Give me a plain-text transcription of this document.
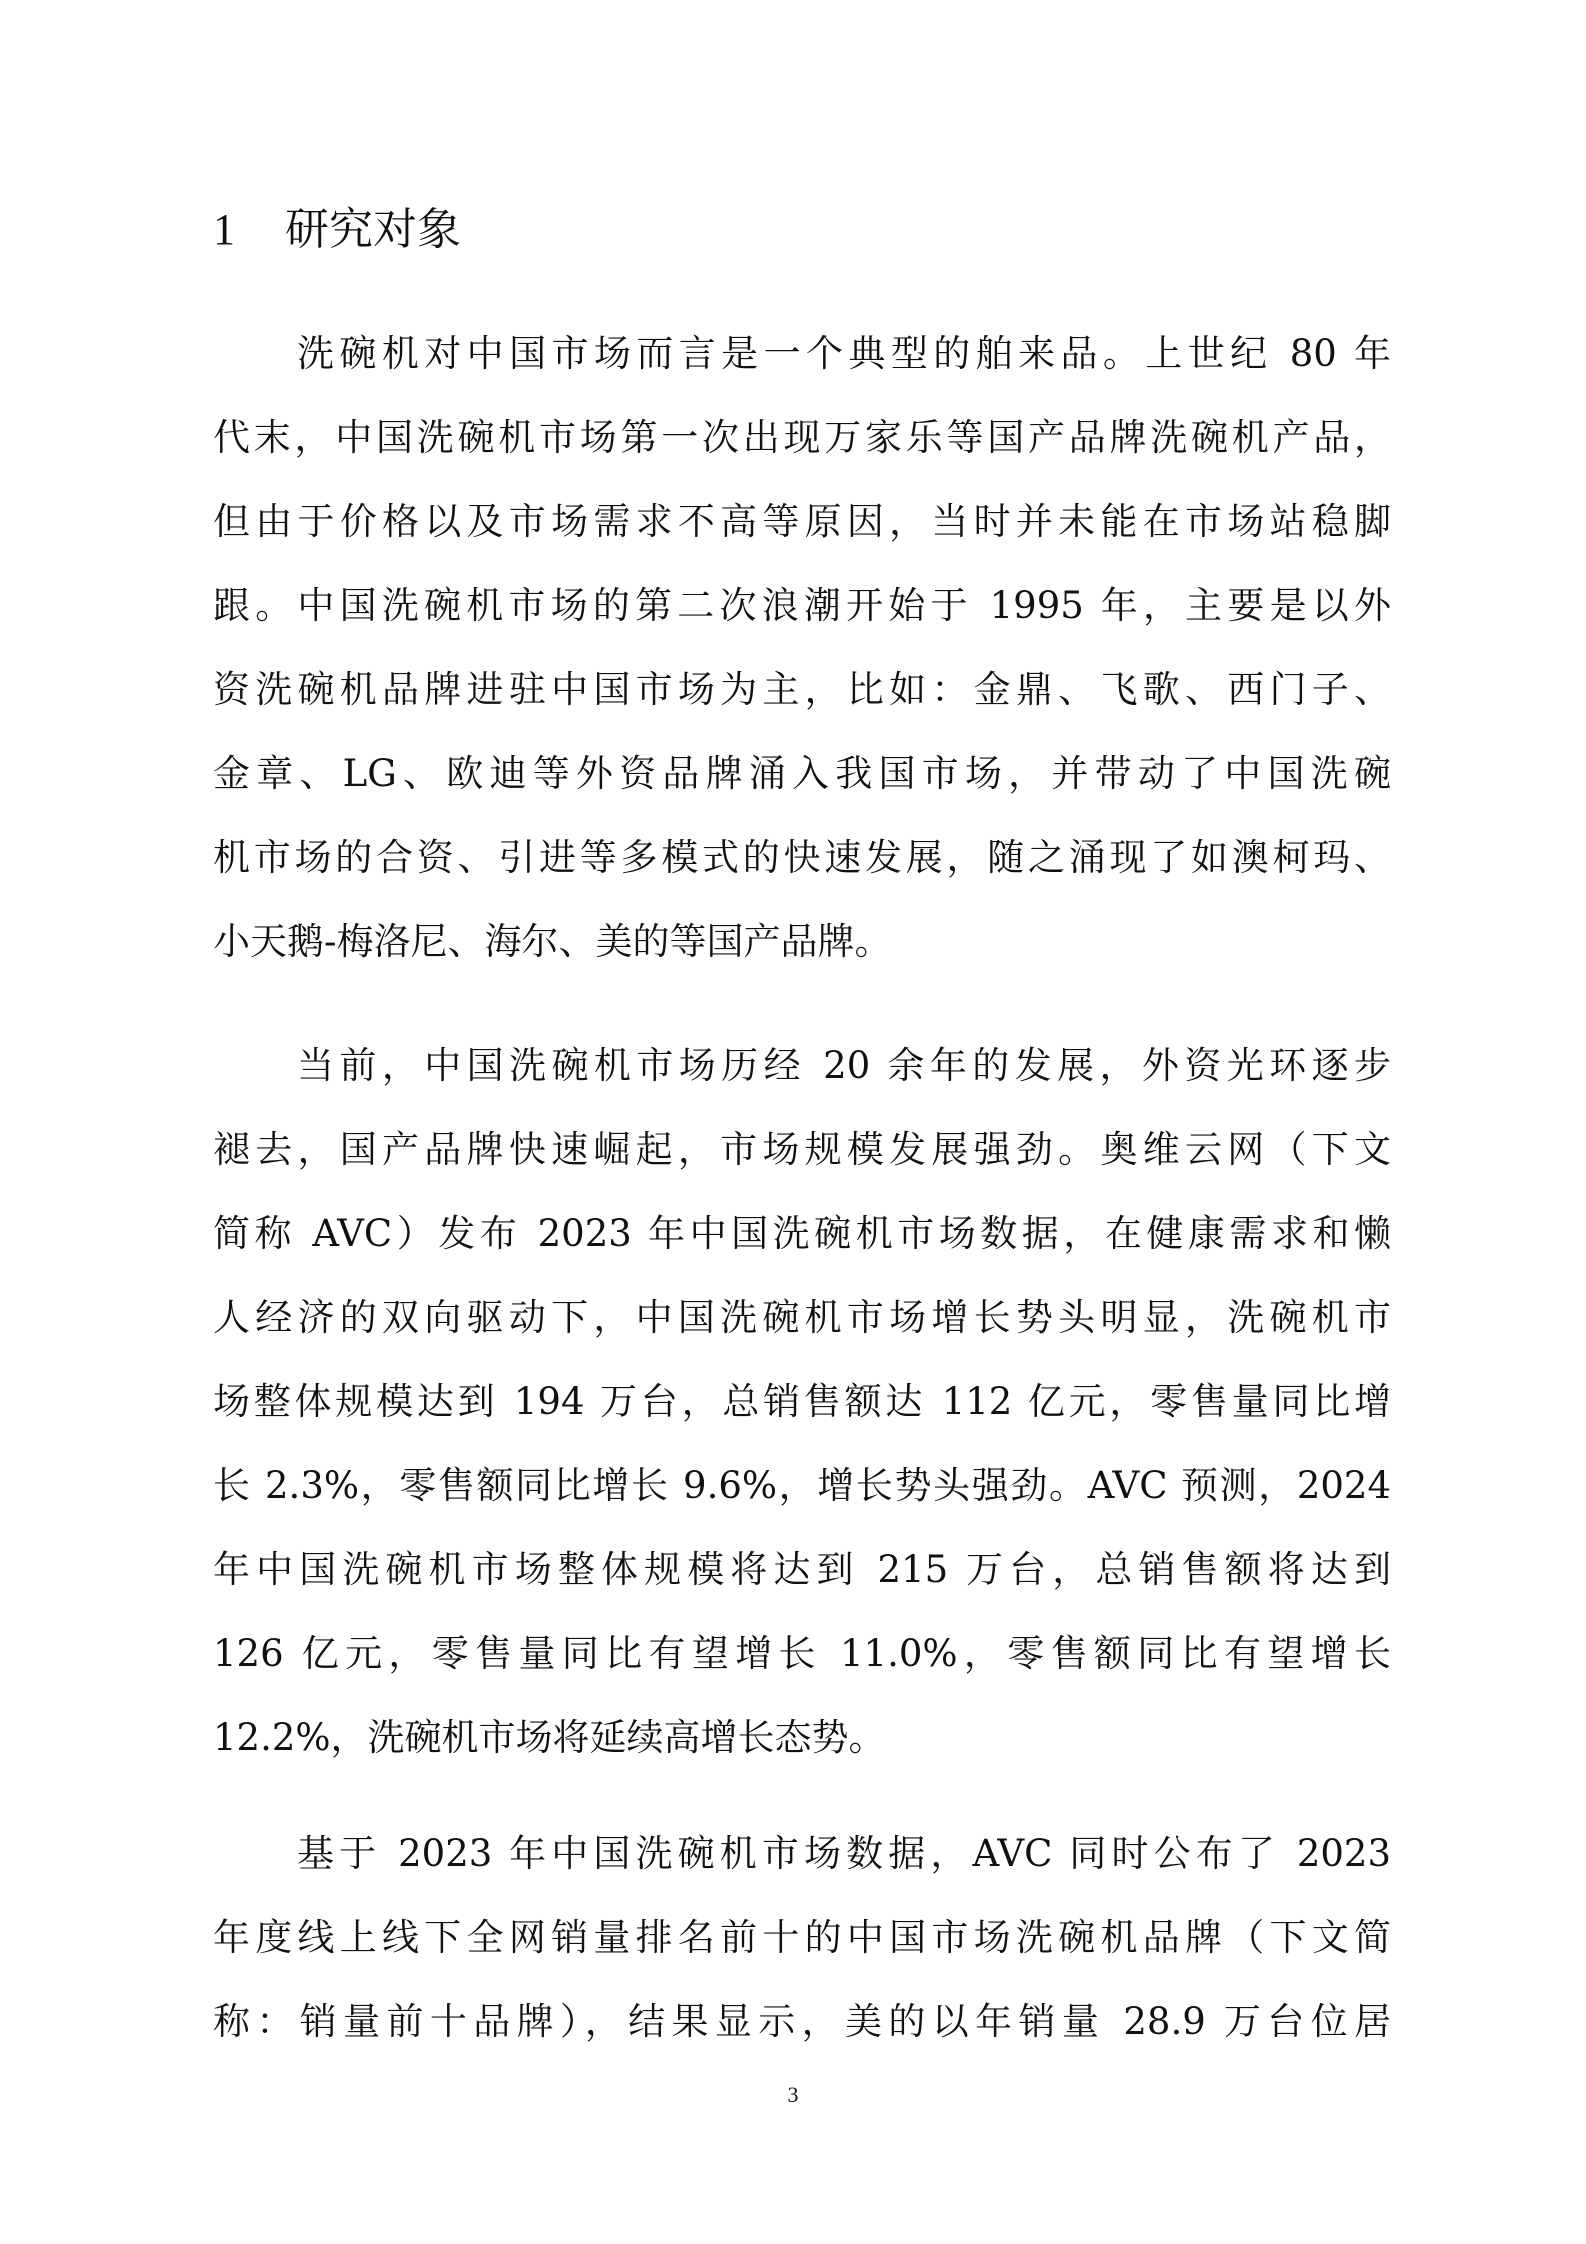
1 研究对象
洗碗机对中国市场而言是一个典型的舶来品。上世纪 80 年
代末，中国洗碗机市场第一次出现万家乐等国产品牌洗碗机产品，
但由于价格以及市场需求不高等原因，当时并未能在市场站稳脚
跟。中国洗碗机市场的第二次浪潮开始于 1995 年，主要是以外
资洗碗机品牌进驻中国市场为主，比如：金鼎、飞歌、西门子、
金章、LG、欧迪等外资品牌涌入我国市场，并带动了中国洗碗
机市场的合资、引进等多模式的快速发展，随之涌现了如澳柯玛、
小天鹅-梅洛尼、海尔、美的等国产品牌。
当前，中国洗碗机市场历经 20 余年的发展，外资光环逐步
褪去，国产品牌快速崛起，市场规模发展强劲。奥维云网（下文
简称 AVC）发布 2023 年中国洗碗机市场数据，在健康需求和懒
人经济的双向驱动下，中国洗碗机市场增长势头明显，洗碗机市
场整体规模达到 194 万台，总销售额达 112 亿元，零售量同比增
长 2.3%，零售额同比增长 9.6%，增长势头强劲。AVC 预测，2024
年中国洗碗机市场整体规模将达到 215 万台，总销售额将达到
126 亿元，零售量同比有望增长 11.0%，零售额同比有望增长
12.2%，洗碗机市场将延续高增长态势。
基于 2023 年中国洗碗机市场数据，AVC 同时公布了 2023
年度线上线下全网销量排名前十的中国市场洗碗机品牌（下文简
称：销量前十品牌），结果显示，美的以年销量 28.9 万台位居
3
